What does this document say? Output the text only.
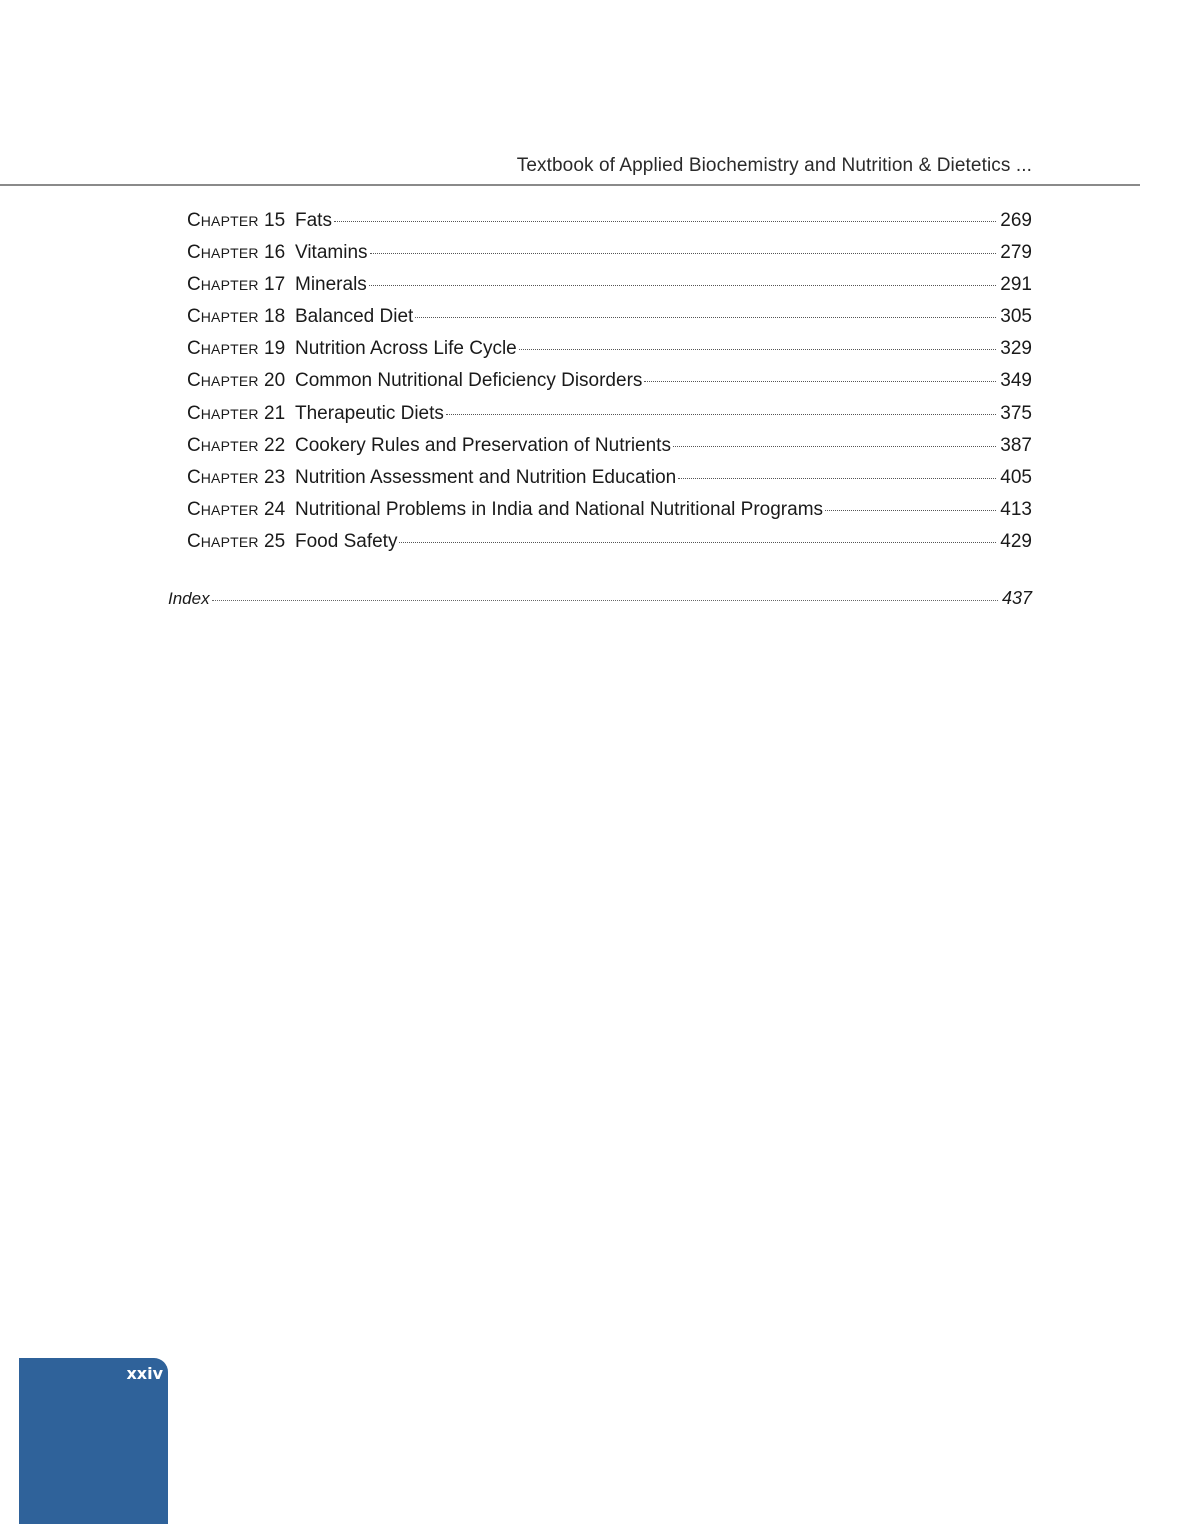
Textbook of Applied Biochemistry and Nutrition & Dietetics ...
CHAPTER 15 Fats	269
CHAPTER 16 Vitamins	279
CHAPTER 17 Minerals	291
CHAPTER 18 Balanced Diet	305
CHAPTER 19 Nutrition Across Life Cycle	329
CHAPTER 20 Common Nutritional Deficiency Disorders	349
CHAPTER 21 Therapeutic Diets	375
CHAPTER 22 Cookery Rules and Preservation of Nutrients	387
CHAPTER 23 Nutrition Assessment and Nutrition Education	405
CHAPTER 24 Nutritional Problems in India and National Nutritional Programs	413
CHAPTER 25 Food Safety	429
Index	437
xxiv
